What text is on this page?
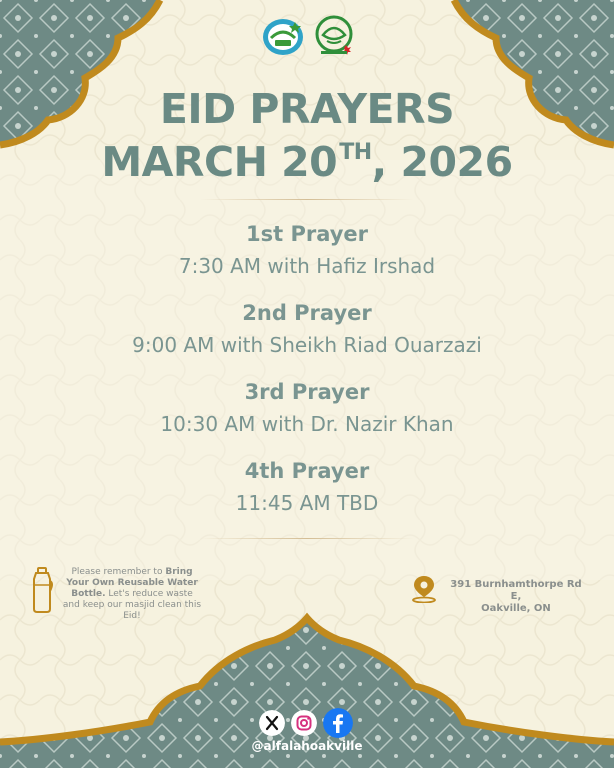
EID PRAYERS
MARCH 20TH, 2026
1st Prayer
7:30 AM with Hafiz Irshad
2nd Prayer
9:00 AM with Sheikh Riad Ouarzazi
3rd Prayer
10:30 AM with Dr. Nazir Khan
4th Prayer
11:45 AM TBD
Please remember to Bring Your Own Reusable Water Bottle. Let's reduce waste and keep our masjid clean this Eid!
391 Burnhamthorpe Rd E,
Oakville, ON
@alfalahoakville
